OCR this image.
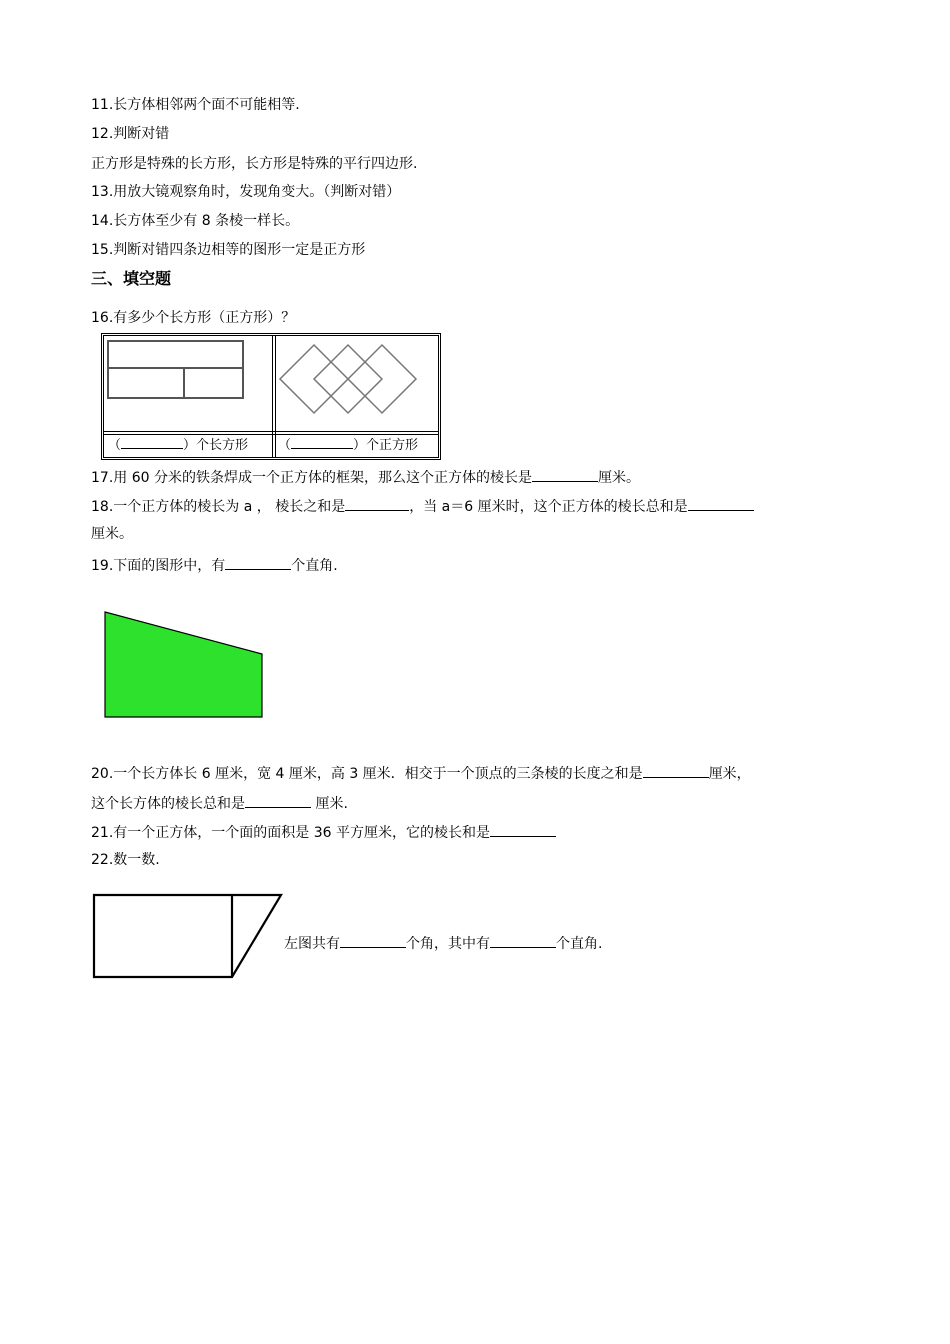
11.长方体相邻两个面不可能相等.
12.判断对错
正方形是特殊的长方形，长方形是特殊的平行四边形.
13.用放大镜观察角时，发现角变大。（判断对错）
14.长方体至少有 8 条棱一样长。
15.判断对错四条边相等的图形一定是正方形
三、填空题
16.有多少个长方形（正方形）？
（	）个长方形 （	）个正方形
17.用 60 分米的铁条焊成一个正方体的框架，那么这个正方体的棱长是	厘米。
18.一个正方体的棱长为 a ， 棱长之和是	，当 a＝6 厘米时，这个正方体的棱长总和是
厘米。
19.下面的图形中，有	个直角.
20.一个长方体长 6 厘米，宽 4 厘米，高 3 厘米．相交于一个顶点的三条棱的长度之和是	厘米，
这个长方体的棱长总和是	厘米.
21.有一个正方体，一个面的面积是 36 平方厘米，它的棱长和是
22.数一数.
左图共有	个角，其中有	个直角.
